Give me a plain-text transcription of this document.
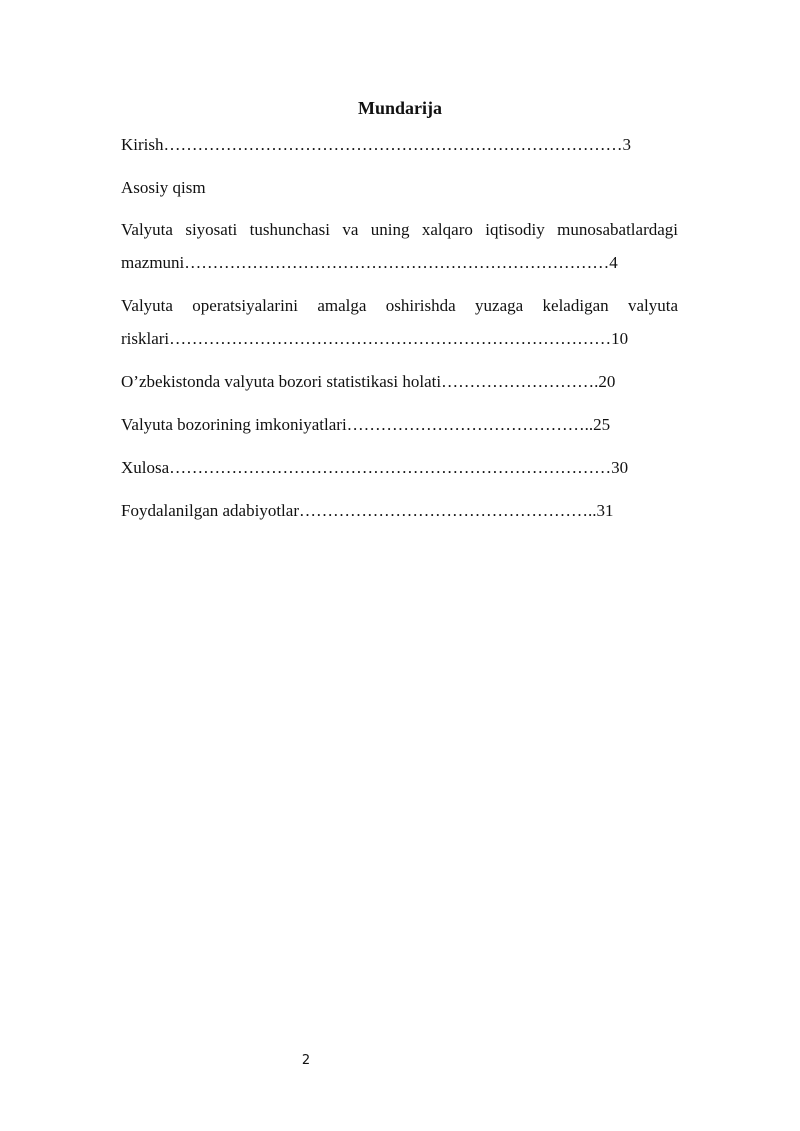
Mundarija
Kirish………………………………………………………………………3
Asosiy qism
Valyuta siyosati tushunchasi va uning xalqaro iqtisodiy munosabatlardagi
mazmuni…………………………………………………………………4
Valyuta operatsiyalarini amalga oshirishda yuzaga keladigan valyuta
risklari……………………………………………………………………10
O’zbekistonda valyuta bozori statistikasi holati……………………….20
Valyuta bozorining imkoniyatlari……………………………………..25
Xulosa……………………………………………………………………30
Foydalanilgan adabiyotlar……………………………………………..31
2
